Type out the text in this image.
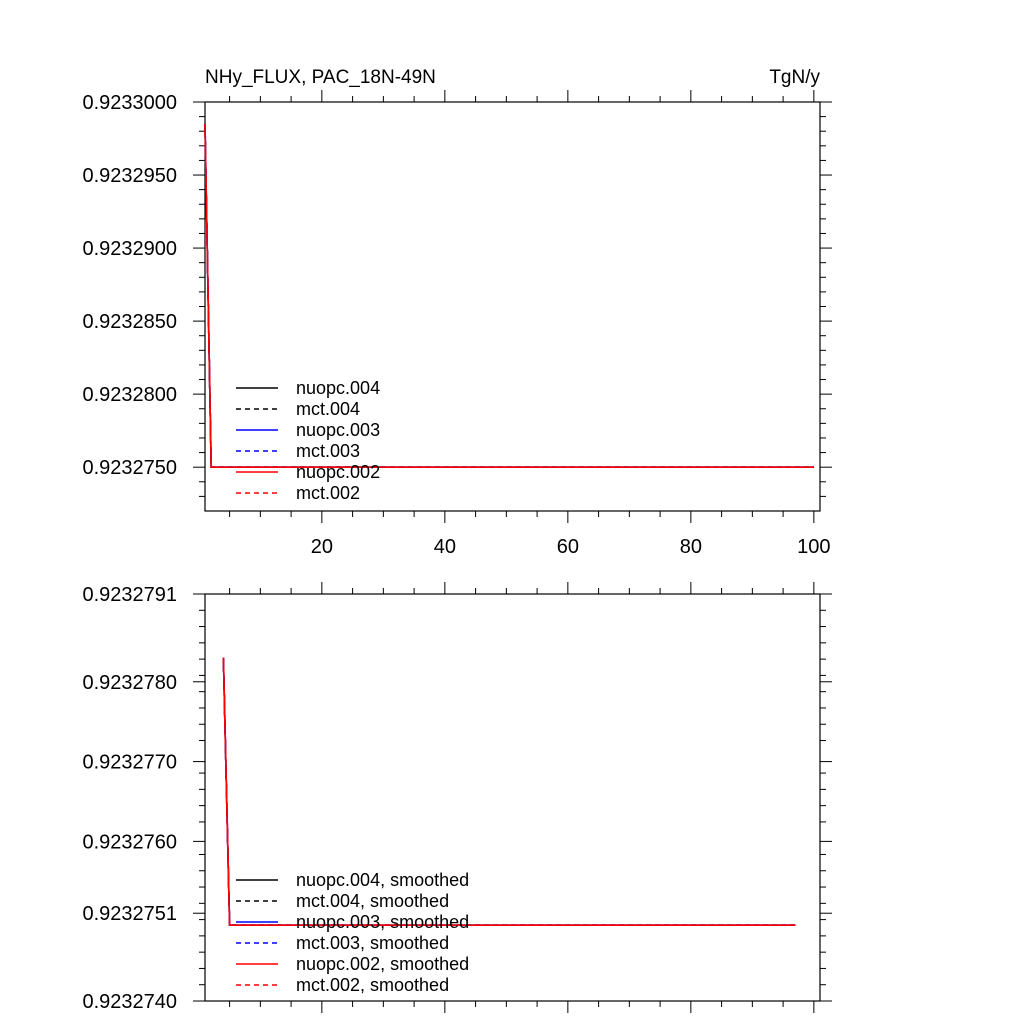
20	40	60	80	100
0.9233000
0.9232950
0.9232900
0.9232850
0.9232800
0.9232750
NHy_FLUX, PAC_18N-49N	TgN/y
nuopc.004
mct.004
nuopc.003
mct.003
nuopc.002
mct.002
0.9232791
0.9232780
0.9232770
0.9232760
0.9232751
0.9232740
nuopc.004, smoothed
mct.004, smoothed
nuopc.003, smoothed
mct.003, smoothed
nuopc.002, smoothed
mct.002, smoothed
